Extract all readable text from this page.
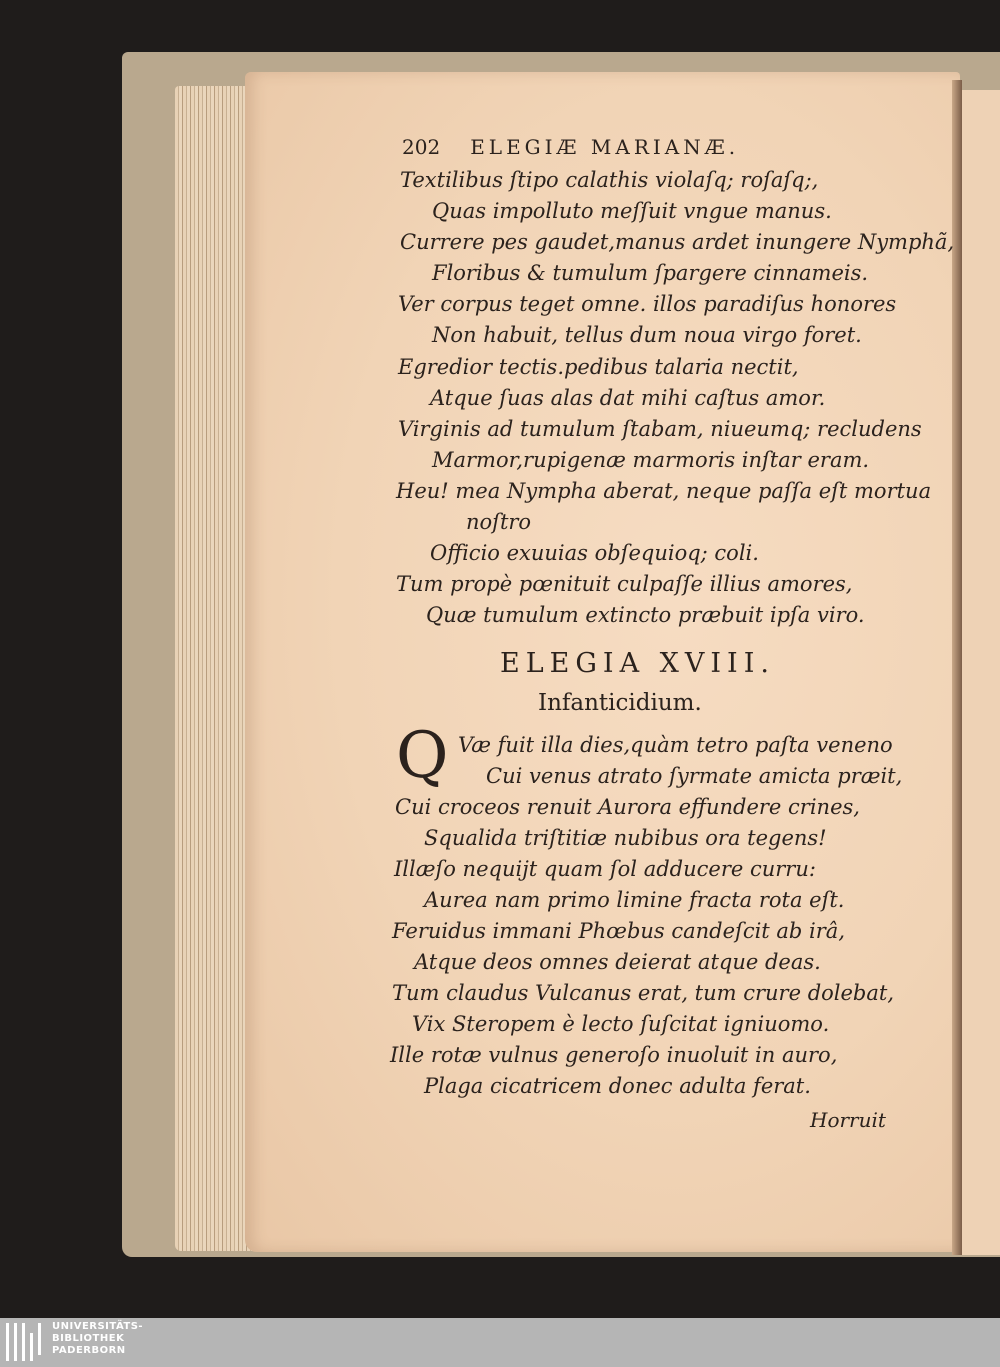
202 ELEGIÆ MARIANÆ.
Textilibus ſtipo calathis violaſq; roſaſq;,
Quas impolluto meſſuit vngue manus.
Currere pes gaudet,manus ardet inungere Nymphã,
Floribus & tumulum ſpargere cinnameis.
Ver corpus teget omne. illos paradiſus honores
Non habuit, tellus dum noua virgo foret.
Egredior tectis.pedibus talaria nectit,
Atque ſuas alas dat mihi caſtus amor.
Virginis ad tumulum ſtabam, niueumq; recludens
Marmor,rupigenæ marmoris inſtar eram.
Heu! mea Nympha aberat, neque paſſa eſt mortua
noſtro
Officio exuuias obſequioq; coli.
Tum propè pœnituit culpaſſe illius amores,
Quæ tumulum extincto præbuit ipſa viro.
ELEGIA XVIII.
Infanticidium.
Q Væ fuit illa dies,quàm tetro paſta veneno
Cui venus atrato ſyrmate amicta præit,
Cui croceos renuit Aurora effundere crines,
Squalida triſtitiæ nubibus ora tegens!
Illæſo nequijt quam ſol adducere curru:
Aurea nam primo limine fracta rota eſt.
Feruidus immani Phœbus candeſcit ab irâ,
Atque deos omnes deierat atque deas.
Tum claudus Vulcanus erat, tum crure dolebat,
Vix Steropem è lecto ſuſcitat igniuomo.
Ille rotæ vulnus generoſo inuoluit in auro,
Plaga cicatricem donec adulta ferat.
Horruit
UNIVERSITÄTS-
BIBLIOTHEK
PADERBORN
